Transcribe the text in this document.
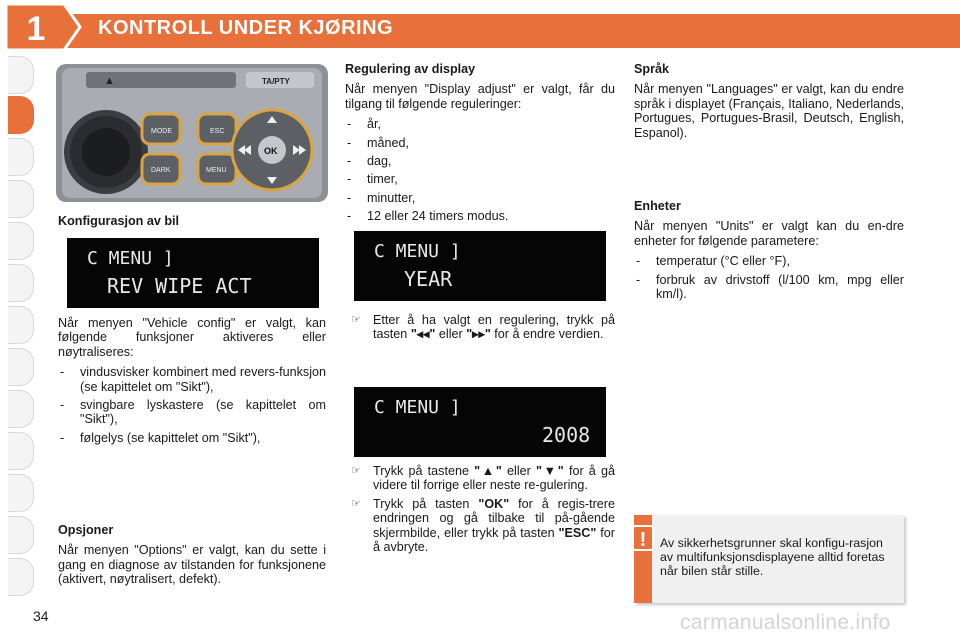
1	KONTROLL UNDER KJØRING
▲	TA/PTY
MODE
DARK
ESC
MENU
OK
Konfigurasjon av bil
C MENU ]
REV WIPE ACT
Når menyen "Vehicle config" er valgt, kan følgende funksjoner aktiveres eller nøytraliseres:
- vindusvisker kombinert med revers-funksjon (se kapittelet om "Sikt"),
- svingbare lyskastere (se kapittelet om "Sikt"),
- følgelys (se kapittelet om "Sikt"),
Opsjoner
Når menyen "Options" er valgt, kan du sette i gang en diagnose av tilstanden for funksjonene (aktivert, nøytralisert, defekt).
Regulering av display
Når menyen "Display adjust" er valgt, får du tilgang til følgende reguleringer:
- år,
- måned,
- dag,
- timer,
- minutter,
- 12 eller 24 timers modus.
C MENU ]
YEAR
☞ Etter å ha valgt en regulering, trykk på tasten "◂◂" eller "▸▸" for å endre verdien.
C MENU ]
2008
☞ Trykk på tastene "▲" eller "▼" for å gå videre til forrige eller neste re-gulering.
☞ Trykk på tasten "OK" for å regis-trere endringen og gå tilbake til på-gående skjermbilde, eller trykk på tasten "ESC" for å avbryte.
Språk
Når menyen "Languages" er valgt, kan du endre språk i displayet (Français, Italiano, Nederlands, Portugues, Portugues-Brasil, Deutsch, English, Espanol).
Enheter
Når menyen "Units" er valgt kan du en-dre enheter for følgende parametere:
- temperatur (°C eller °F),
- forbruk av drivstoff (l/100 km, mpg eller km/l).
!	Av sikkerhetsgrunner skal konfigu-rasjon av multifunksjonsdisplayene alltid foretas når bilen står stille.
34	carmanualsonline.info
